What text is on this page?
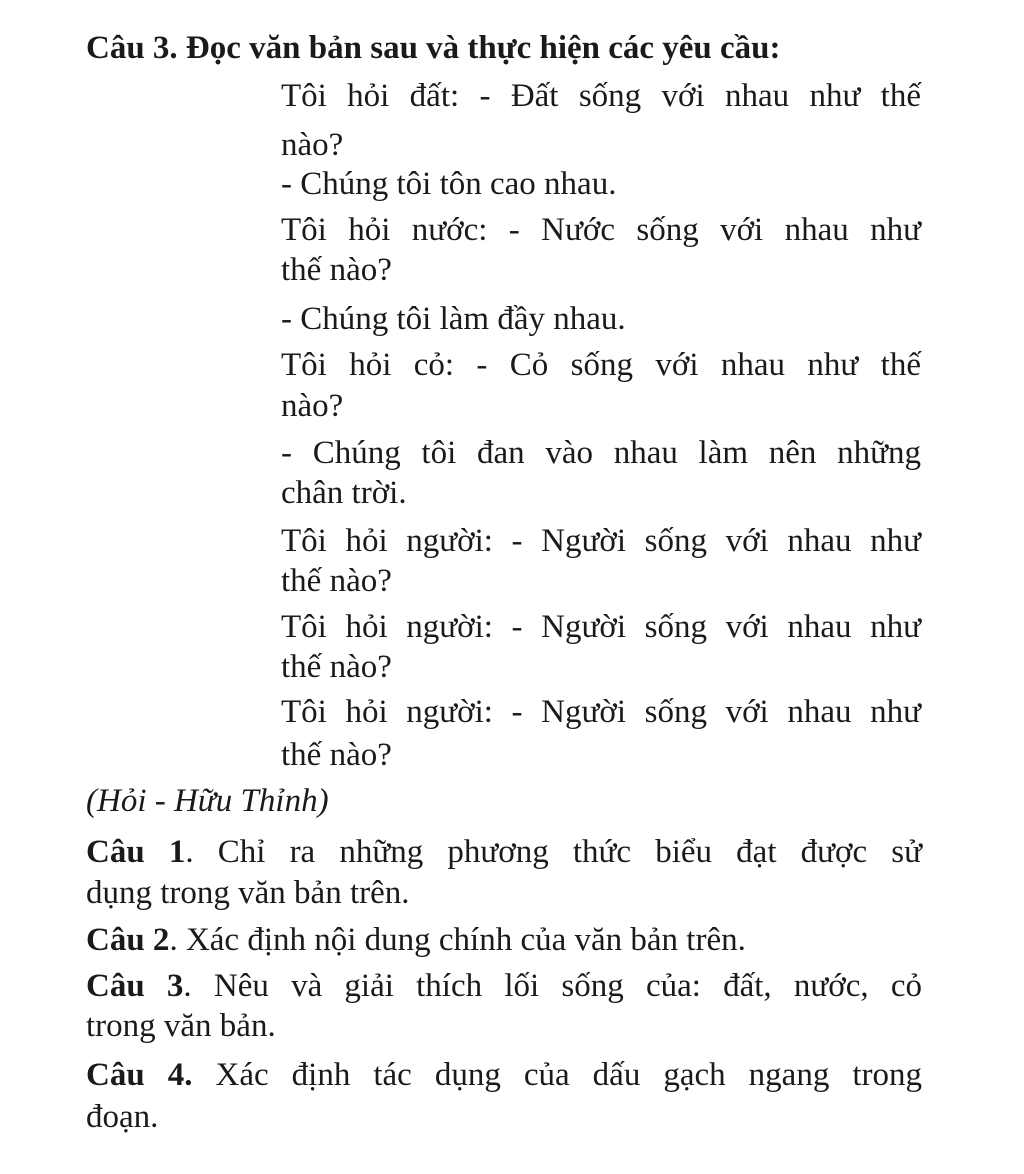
Câu 3. Đọc văn bản sau và thực hiện các yêu cầu:
Tôi hỏi đất: - Đất sống với nhau như thế
nào?
- Chúng tôi tôn cao nhau.
Tôi hỏi nước: - Nước sống với nhau như
thế nào?
- Chúng tôi làm đầy nhau.
Tôi hỏi cỏ: - Cỏ sống với nhau như thế
nào?
- Chúng tôi đan vào nhau làm nên những
chân trời.
Tôi hỏi người: - Người sống với nhau như
thế nào?
Tôi hỏi người: - Người sống với nhau như
thế nào?
Tôi hỏi người: - Người sống với nhau như
thế nào?
(Hỏi - Hữu Thỉnh)
Câu 1. Chỉ ra những phương thức biểu đạt được sử
dụng trong văn bản trên.
Câu 2. Xác định nội dung chính của văn bản trên.
Câu 3. Nêu và giải thích lối sống của: đất, nước, cỏ
trong văn bản.
Câu 4. Xác định tác dụng của dấu gạch ngang trong
đoạn.
